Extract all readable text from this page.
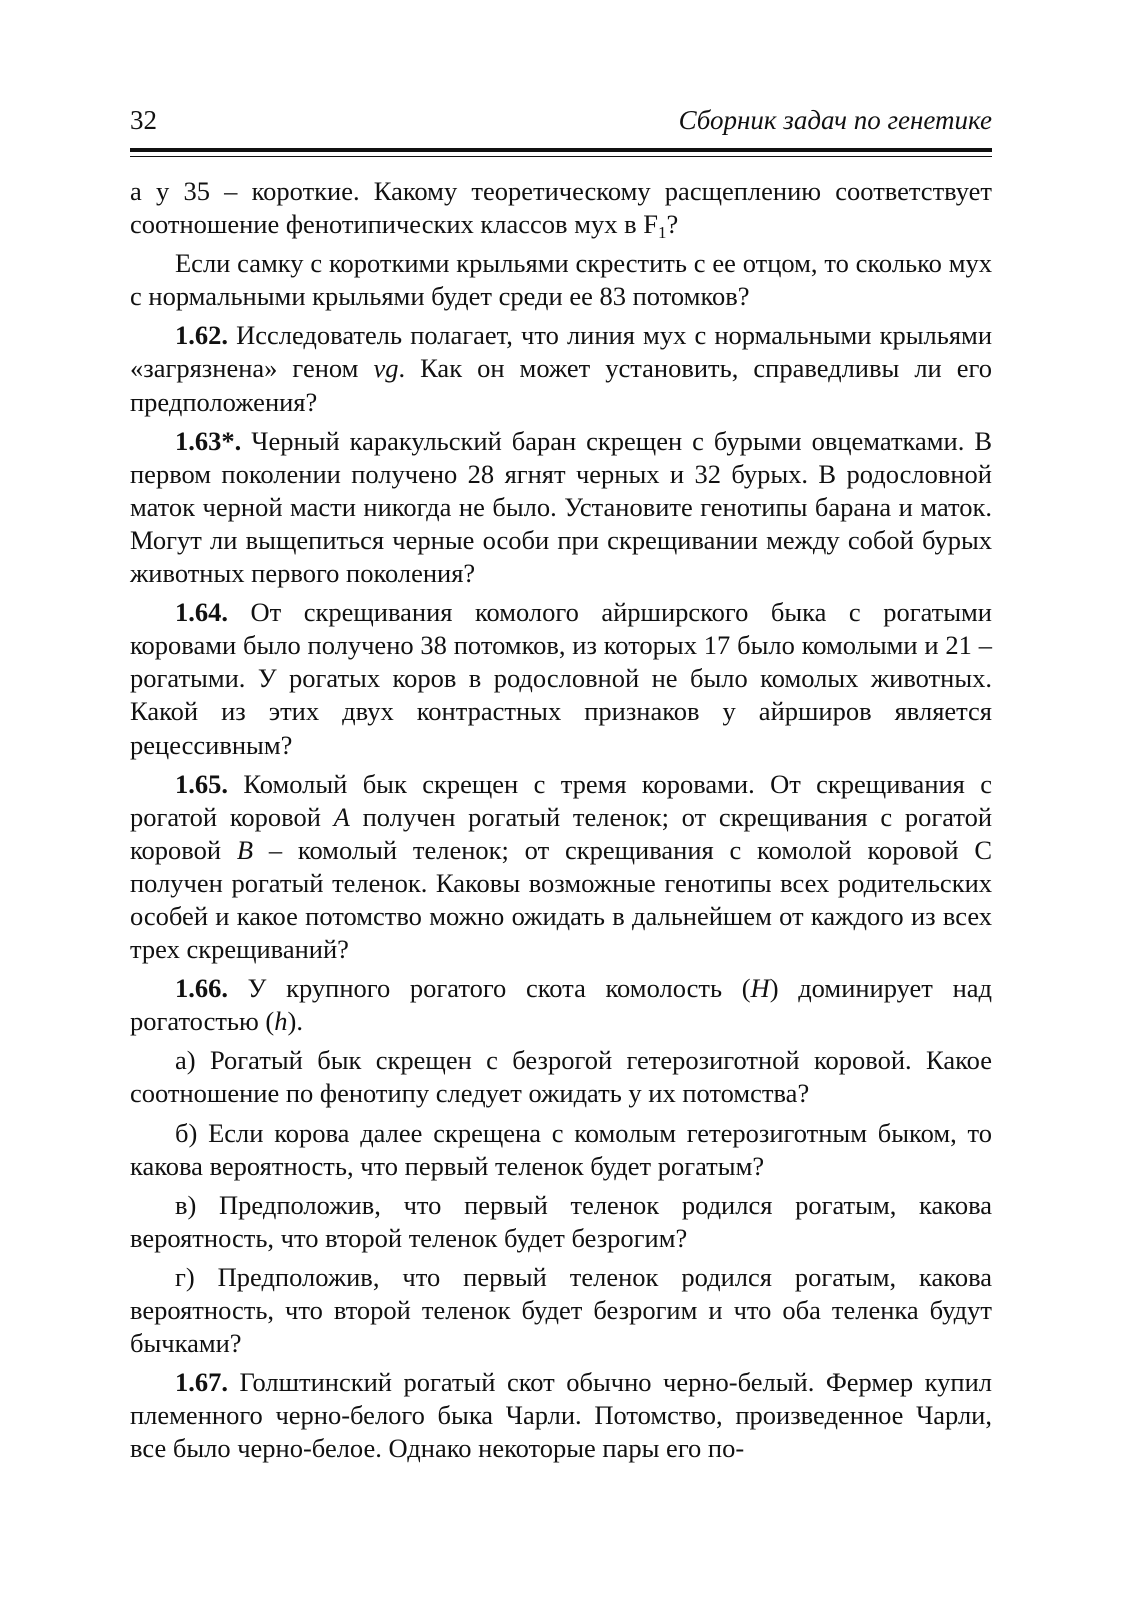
32	Сборник задач по генетике

а у 35 – короткие. Какому теоретическому расщеплению соответствует соотношение фенотипических классов мух в $F_1$?

Если самку с короткими крыльями скрестить с ее отцом, то сколько мух с нормальными крыльями будет среди ее 83 потомков?

1.62. Исследователь полагает, что линия мух с нормальными крыльями «загрязнена» геном vg. Как он может установить, справедливы ли его предположения?

1.63*. Черный каракульский баран скрещен с бурыми овцематками. В первом поколении получено 28 ягнят черных и 32 бурых. В родословной маток черной масти никогда не было. Установите генотипы барана и маток. Могут ли выщепиться черные особи при скрещивании между собой бурых животных первого поколения?

1.64. От скрещивания комолого айрширского быка с рогатыми коровами было получено 38 потомков, из которых 17 было комолыми и 21 – рогатыми. У рогатых коров в родословной не было комолых животных. Какой из этих двух контрастных признаков у айрширов является рецессивным?

1.65. Комолый бык скрещен с тремя коровами. От скрещивания с рогатой коровой А получен рогатый теленок; от скрещивания с рогатой коровой В – комолый теленок; от скрещивания с комолой коровой С получен рогатый теленок. Каковы возможные генотипы всех родительских особей и какое потомство можно ожидать в дальнейшем от каждого из всех трех скрещиваний?

1.66. У крупного рогатого скота комолость (Н) доминирует над рогатостью (h).

а) Рогатый бык скрещен с безрогой гетерозиготной коровой. Какое соотношение по фенотипу следует ожидать у их потомства?

б) Если корова далее скрещена с комолым гетерозиготным быком, то какова вероятность, что первый теленок будет рогатым?

в) Предположив, что первый теленок родился рогатым, какова вероятность, что второй теленок будет безрогим?

г) Предположив, что первый теленок родился рогатым, какова вероятность, что второй теленок будет безрогим и что оба теленка будут бычками?

1.67. Голштинский рогатый скот обычно черно-белый. Фермер купил племенного черно-белого быка Чарли. Потомство, произведенное Чарли, все было черно-белое. Однако некоторые пары его по-
